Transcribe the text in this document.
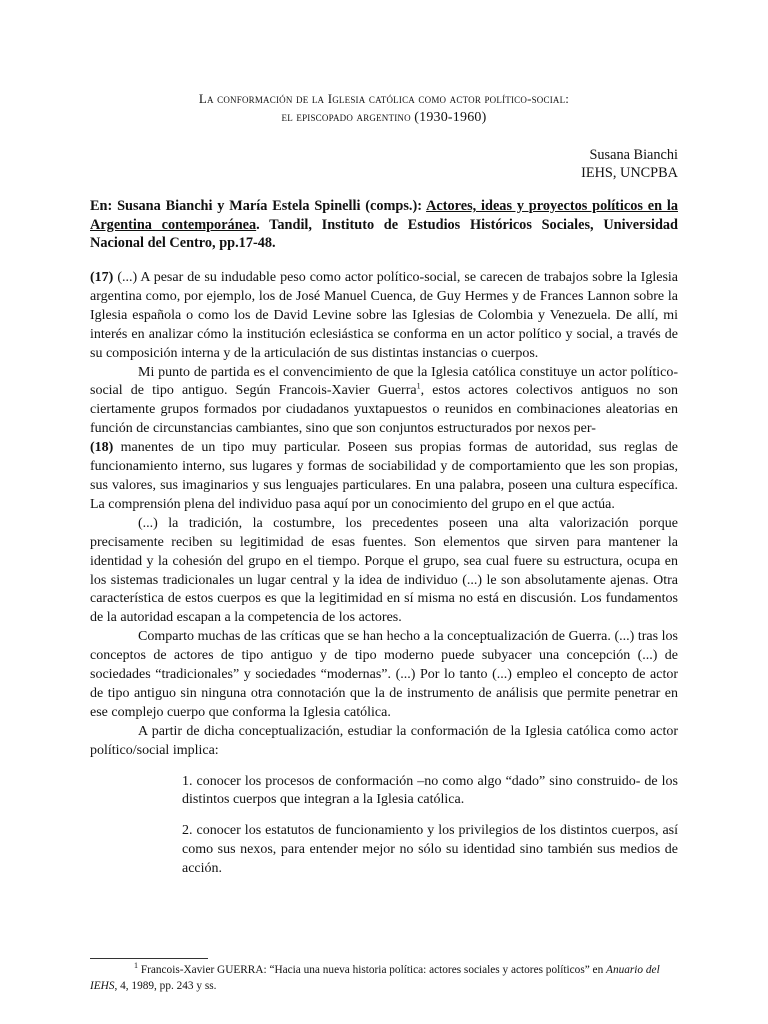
La conformación de la Iglesia católica como actor político-social:
el episcopado argentino (1930-1960)
Susana Bianchi
IEHS, UNCPBA
En: Susana Bianchi y María Estela Spinelli (comps.): Actores, ideas y proyectos políticos en la Argentina contemporánea. Tandil, Instituto de Estudios Históricos Sociales, Universidad Nacional del Centro, pp.17-48.

(17) (...) A pesar de su indudable peso como actor político-social, se carecen de trabajos sobre la Iglesia argentina como, por ejemplo, los de José Manuel Cuenca, de Guy Hermes y de Frances Lannon sobre la Iglesia española o como los de David Levine sobre las Iglesias de Colombia y Venezuela. De allí, mi interés en analizar cómo la institución eclesiástica se conforma en un actor político y social, a través de su composición interna y de la articulación de sus distintas instancias o cuerpos.

Mi punto de partida es el convencimiento de que la Iglesia católica constituye un actor político-social de tipo antiguo. Según Francois-Xavier Guerra$^1$, estos actores colectivos antiguos no son ciertamente grupos formados por ciudadanos yuxtapuestos o reunidos en combinaciones aleatorias en función de circunstancias cambiantes, sino que son conjuntos estructurados por nexos per-

(18) manentes de un tipo muy particular. Poseen sus propias formas de autoridad, sus reglas de funcionamiento interno, sus lugares y formas de sociabilidad y de comportamiento que les son propias, sus valores, sus imaginarios y sus lenguajes particulares. En una palabra, poseen una cultura específica. La comprensión plena del individuo pasa aquí por un conocimiento del grupo en el que actúa.

(...) la tradición, la costumbre, los precedentes poseen una alta valorización porque precisamente reciben su legitimidad de esas fuentes. Son elementos que sirven para mantener la identidad y la cohesión del grupo en el tiempo. Porque el grupo, sea cual fuere su estructura, ocupa en los sistemas tradicionales un lugar central y la idea de individuo (...) le son absolutamente ajenas. Otra característica de estos cuerpos es que la legitimidad en sí misma no está en discusión. Los fundamentos de la autoridad escapan a la competencia de los actores.

Comparto muchas de las críticas que se han hecho a la conceptualización de Guerra. (...) tras los conceptos de actores de tipo antiguo y de tipo moderno puede subyacer una concepción (...) de sociedades “tradicionales” y sociedades “modernas”. (...) Por lo tanto (...) empleo el concepto de actor de tipo antiguo sin ninguna otra connotación que la de instrumento de análisis que permite penetrar en ese complejo cuerpo que conforma la Iglesia católica.

A partir de dicha conceptualización, estudiar la conformación de la Iglesia católica como actor político/social implica:

1. conocer los procesos de conformación –no como algo “dado” sino construido- de los distintos cuerpos que integran a la Iglesia católica.

2. conocer los estatutos de funcionamiento y los privilegios de los distintos cuerpos, así como sus nexos, para entender mejor no sólo su identidad sino también sus medios de acción.

$^1$ Francois-Xavier GUERRA: “Hacia una nueva historia política: actores sociales y actores políticos” en Anuario del IEHS, 4, 1989, pp. 243 y ss.
